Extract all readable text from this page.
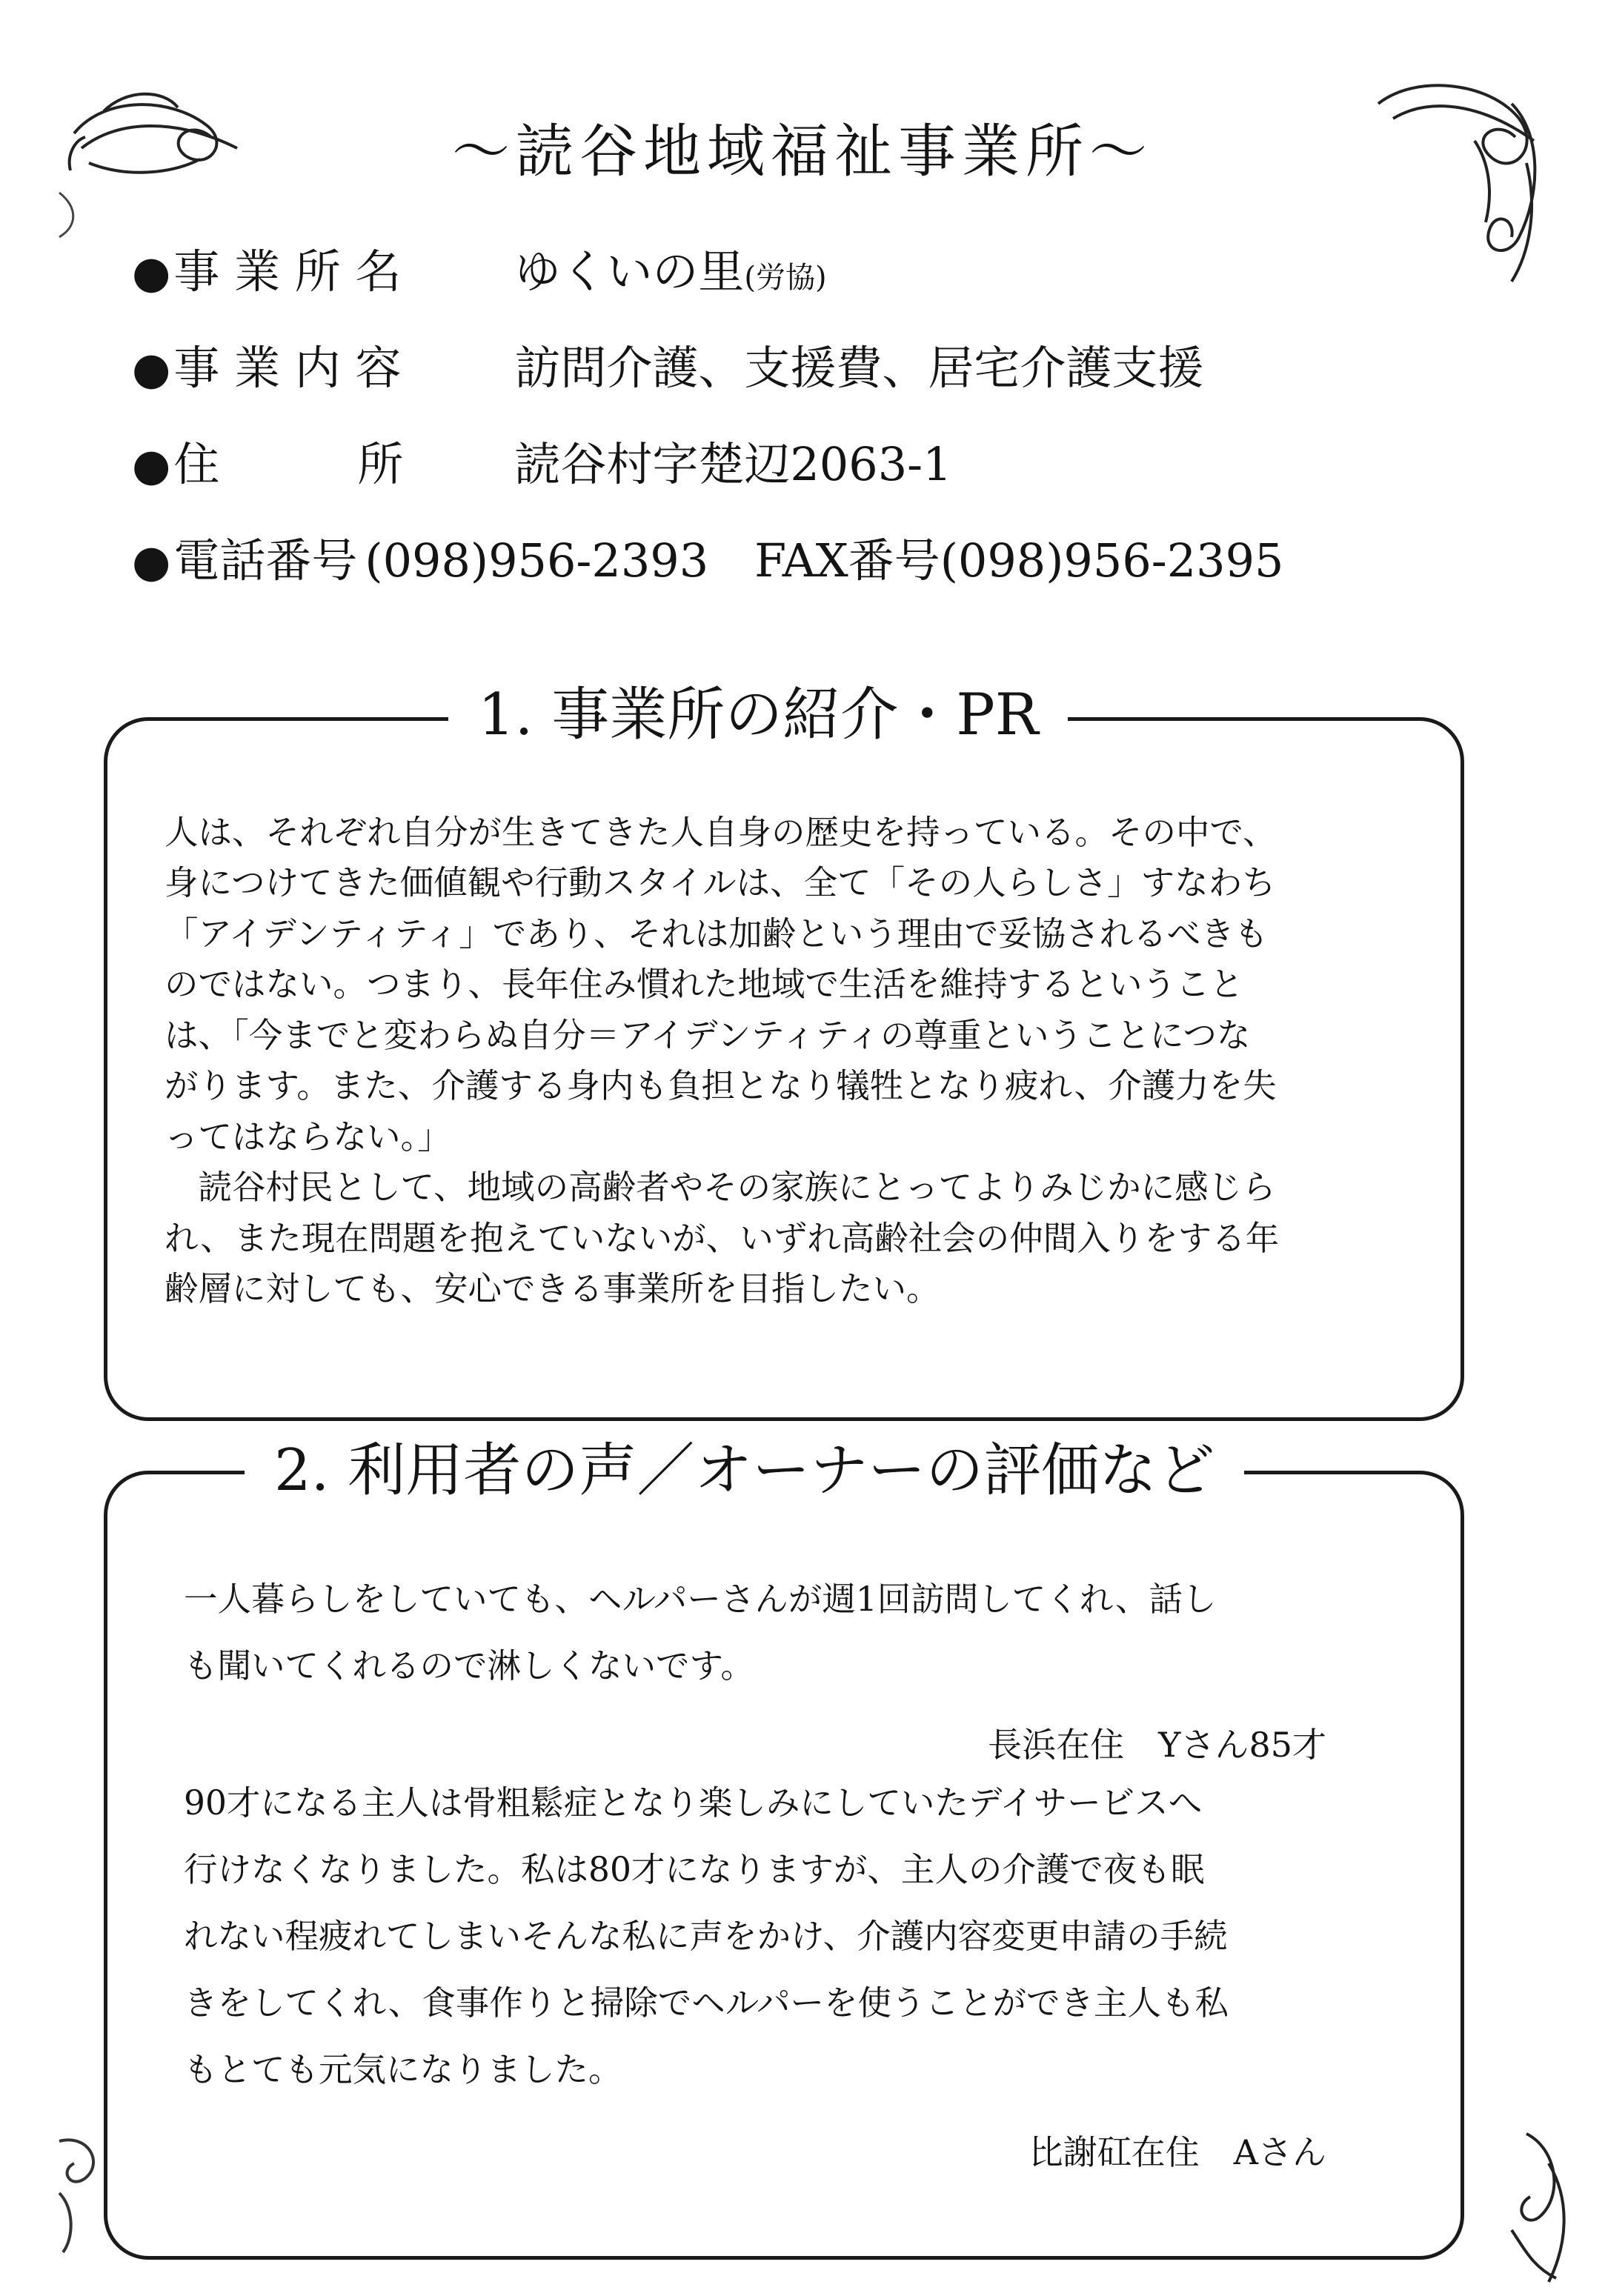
～読谷地域福祉事業所～
●事 業 所 名 ゆくいの里(労協)
●事 業 内 容 訪問介護、支援費、居宅介護支援
●住　　　所 読谷村字楚辺2063-1
●電話番号 (098)956-2393　FAX番号(098)956-2395
1. 事業所の紹介・PR
人は、それぞれ自分が生きてきた人自身の歴史を持っている。その中で、
身につけてきた価値観や行動スタイルは、全て「その人らしさ」すなわち
「アイデンティティ」であり、それは加齢という理由で妥協されるべきも
のではない。つまり、長年住み慣れた地域で生活を維持するということ
は、「今までと変わらぬ自分＝アイデンティティの尊重ということにつな
がります。また、介護する身内も負担となり犠牲となり疲れ、介護力を失
ってはならない。」
　読谷村民として、地域の高齢者やその家族にとってよりみじかに感じら
れ、また現在問題を抱えていないが、いずれ高齢社会の仲間入りをする年
齢層に対しても、安心できる事業所を目指したい。
2. 利用者の声／オーナーの評価など
一人暮らしをしていても、ヘルパーさんが週1回訪問してくれ、話し
も聞いてくれるので淋しくないです。
長浜在住　Yさん85才
90才になる主人は骨粗鬆症となり楽しみにしていたデイサービスへ
行けなくなりました。私は80才になりますが、主人の介護で夜も眠
れない程疲れてしまいそんな私に声をかけ、介護内容変更申請の手続
きをしてくれ、食事作りと掃除でヘルパーを使うことができ主人も私
もとても元気になりました。
比謝矼在住　Aさん
